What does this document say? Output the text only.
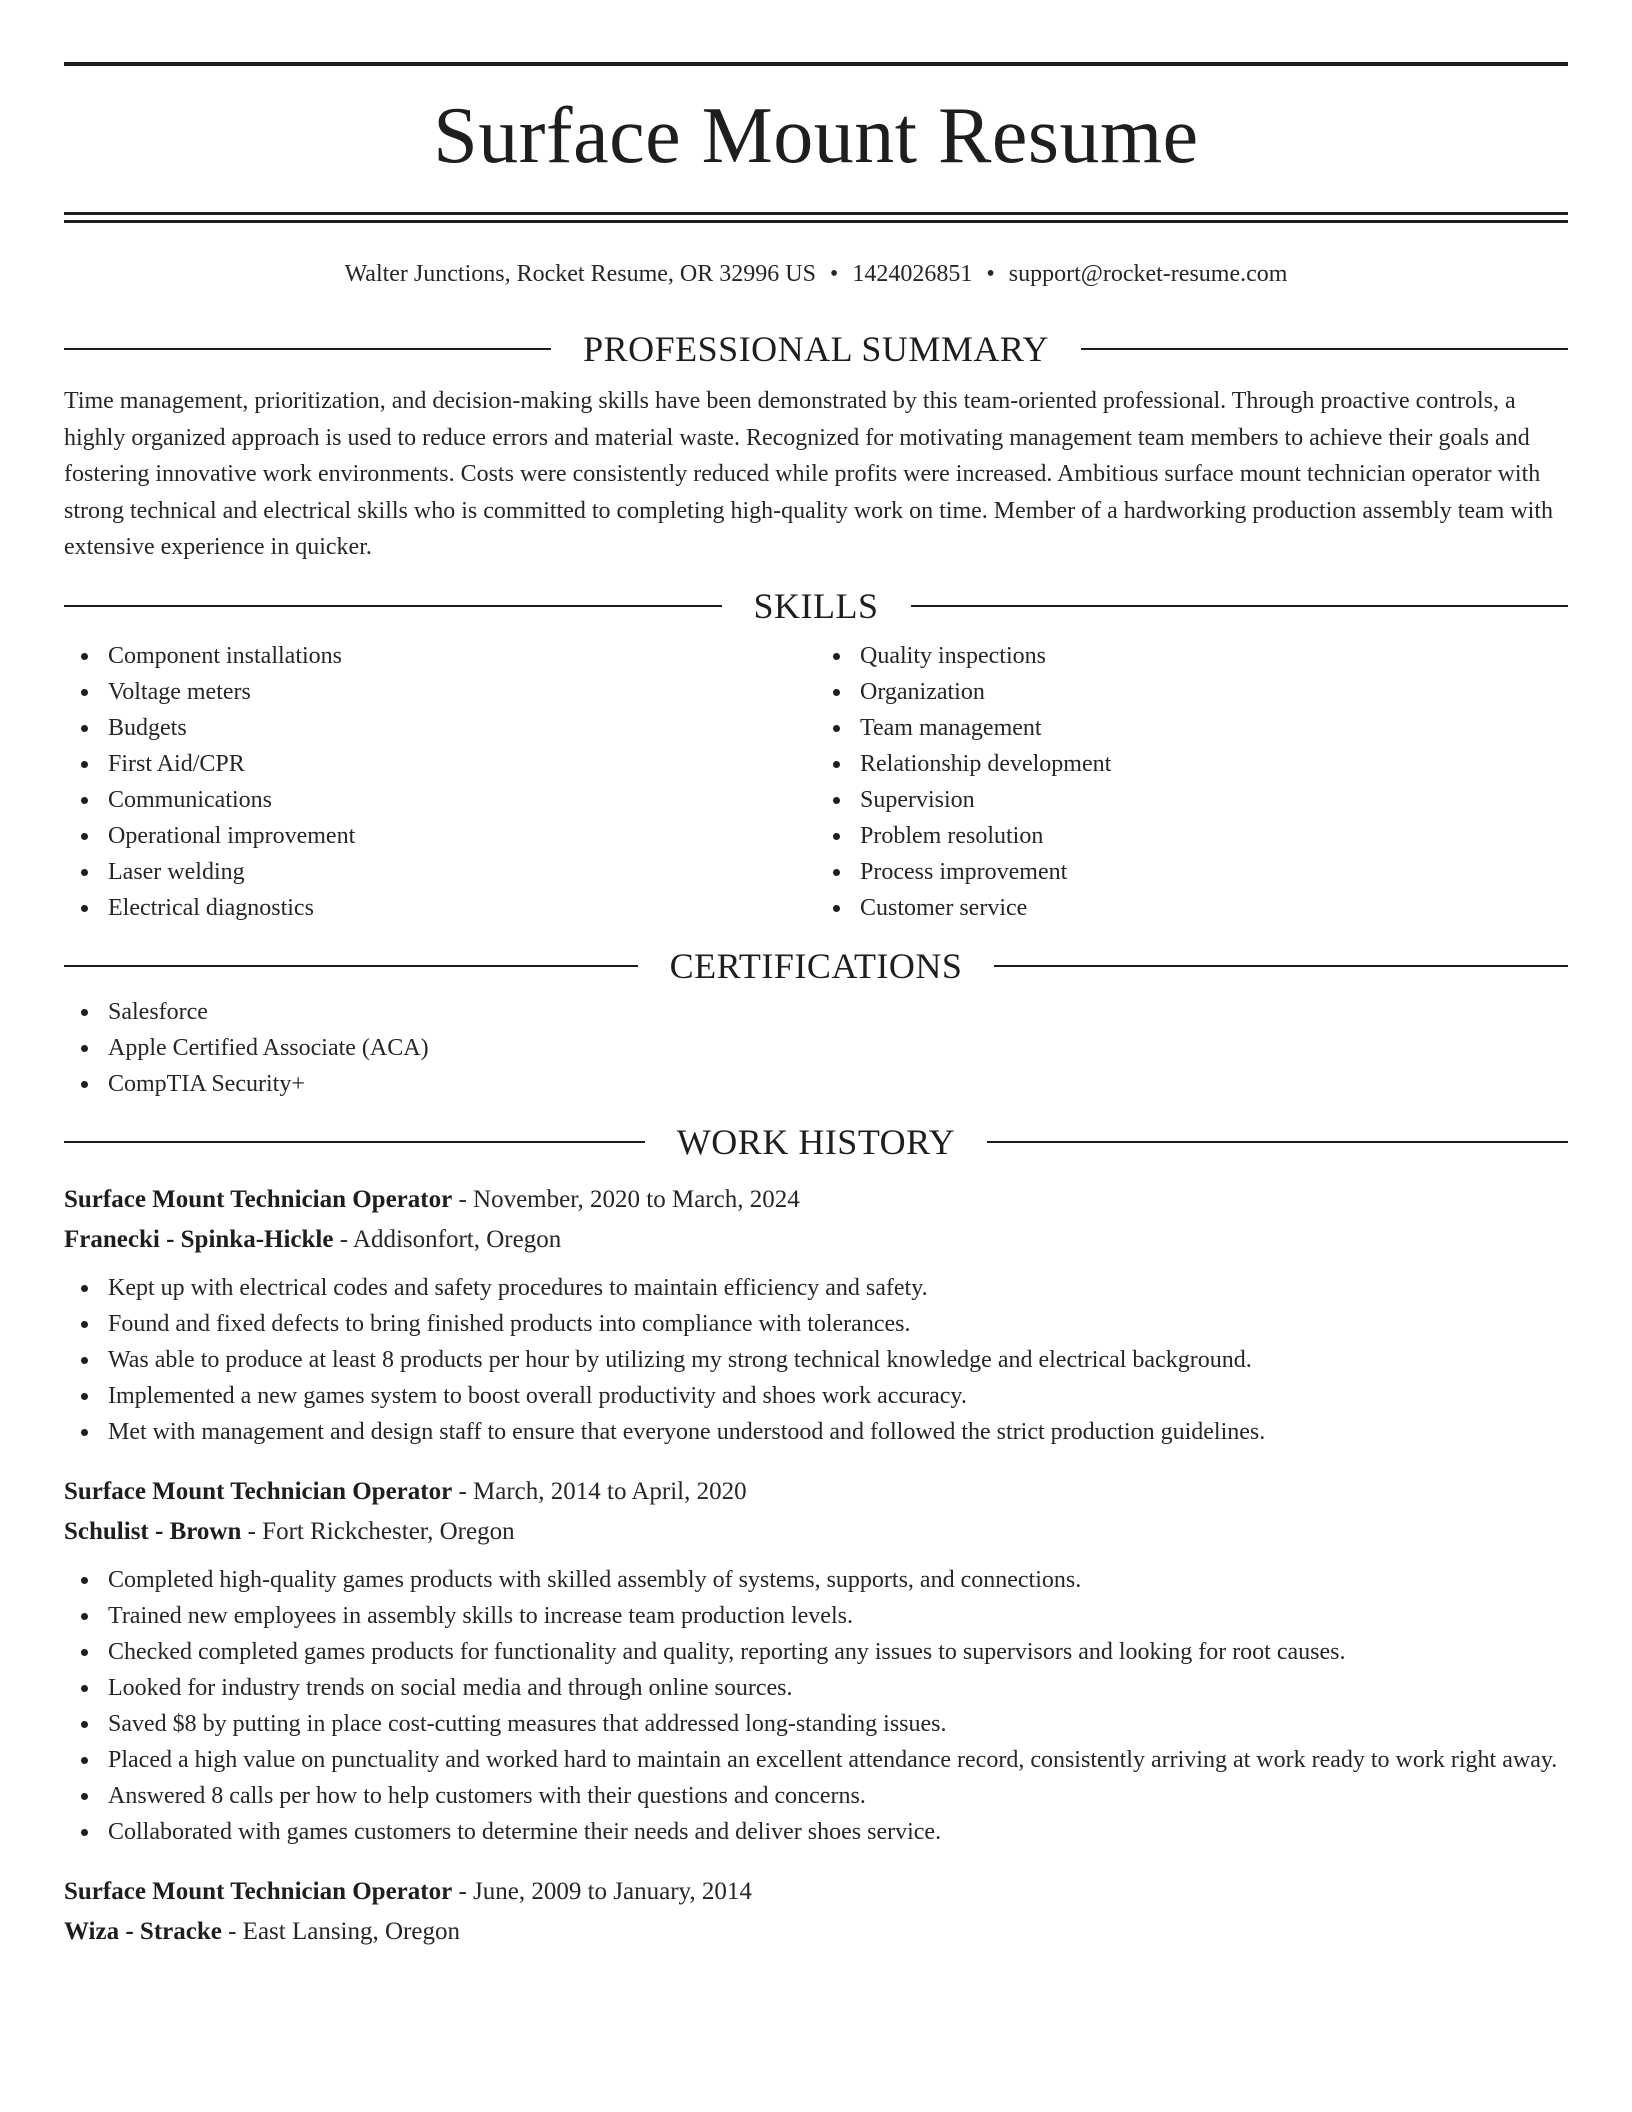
Surface Mount Resume
Walter Junctions, Rocket Resume, OR 32996 US • 1424026851 • support@rocket-resume.com
PROFESSIONAL SUMMARY

Time management, prioritization, and decision-making skills have been demonstrated by this team-oriented professional. Through proactive controls, a highly organized approach is used to reduce errors and material waste. Recognized for motivating management team members to achieve their goals and fostering innovative work environments. Costs were consistently reduced while profits were increased. Ambitious surface mount technician operator with strong technical and electrical skills who is committed to completing high-quality work on time. Member of a hardworking production assembly team with extensive experience in quicker.

SKILLS
Component installations
Voltage meters
Budgets
First Aid/CPR
Communications
Operational improvement
Laser welding
Electrical diagnostics
Quality inspections
Organization
Team management
Relationship development
Supervision
Problem resolution
Process improvement
Customer service
CERTIFICATIONS
Salesforce
Apple Certified Associate (ACA)
CompTIA Security+
WORK HISTORY
Surface Mount Technician Operator - November, 2020 to March, 2024
Franecki - Spinka-Hickle - Addisonfort, Oregon
Kept up with electrical codes and safety procedures to maintain efficiency and safety.
Found and fixed defects to bring finished products into compliance with tolerances.
Was able to produce at least 8 products per hour by utilizing my strong technical knowledge and electrical background.
Implemented a new games system to boost overall productivity and shoes work accuracy.
Met with management and design staff to ensure that everyone understood and followed the strict production guidelines.
Surface Mount Technician Operator - March, 2014 to April, 2020
Schulist - Brown - Fort Rickchester, Oregon
Completed high-quality games products with skilled assembly of systems, supports, and connections.
Trained new employees in assembly skills to increase team production levels.
Checked completed games products for functionality and quality, reporting any issues to supervisors and looking for root causes.
Looked for industry trends on social media and through online sources.
Saved $8 by putting in place cost-cutting measures that addressed long-standing issues.
Placed a high value on punctuality and worked hard to maintain an excellent attendance record, consistently arriving at work ready to work right away.
Answered 8 calls per how to help customers with their questions and concerns.
Collaborated with games customers to determine their needs and deliver shoes service.
Surface Mount Technician Operator - June, 2009 to January, 2014
Wiza - Stracke - East Lansing, Oregon
